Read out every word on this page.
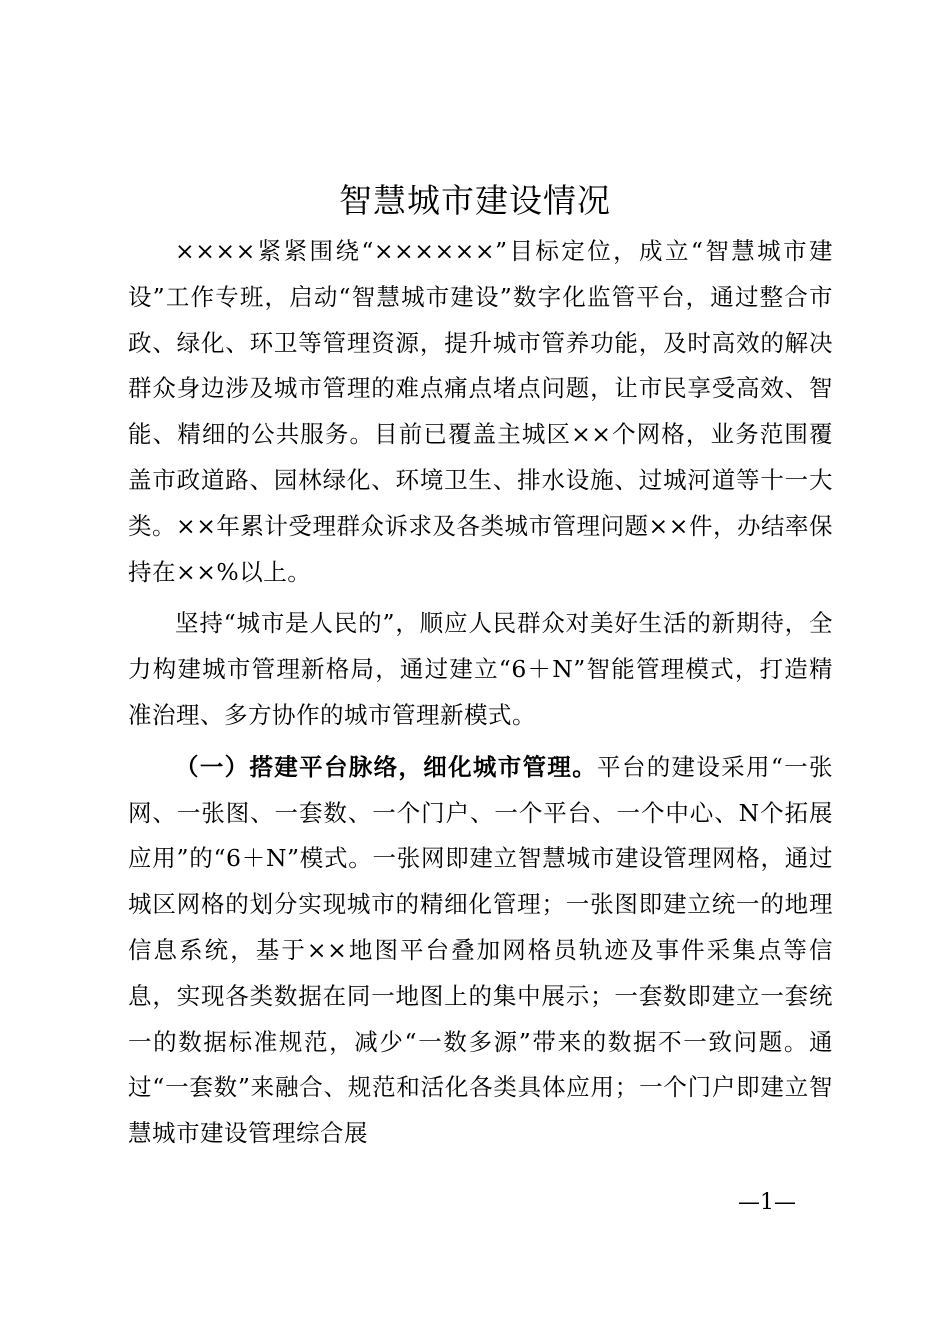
智慧城市建设情况

××××紧紧围绕“××××××”目标定位，成立“智慧城市建设”工作专班，启动“智慧城市建设”数字化监管平台，通过整合市政、绿化、环卫等管理资源，提升城市管养功能，及时高效的解决群众身边涉及城市管理的难点痛点堵点问题，让市民享受高效、智能、精细的公共服务。目前已覆盖主城区××个网格，业务范围覆盖市政道路、园林绿化、环境卫生、排水设施、过城河道等十一大类。××年累计受理群众诉求及各类城市管理问题××件，办结率保持在××%以上。

坚持“城市是人民的”，顺应人民群众对美好生活的新期待，全力构建城市管理新格局，通过建立“6＋N”智能管理模式，打造精准治理、多方协作的城市管理新模式。

（一）搭建平台脉络，细化城市管理。平台的建设采用“一张网、一张图、一套数、一个门户、一个平台、一个中心、N个拓展应用”的“6＋N”模式。一张网即建立智慧城市建设管理网格，通过城区网格的划分实现城市的精细化管理；一张图即建立统一的地理信息系统，基于××地图平台叠加网格员轨迹及事件采集点等信息，实现各类数据在同一地图上的集中展示；一套数即建立一套统一的数据标准规范，减少“一数多源”带来的数据不一致问题。通过“一套数”来融合、规范和活化各类具体应用；一个门户即建立智慧城市建设管理综合展

—1—
